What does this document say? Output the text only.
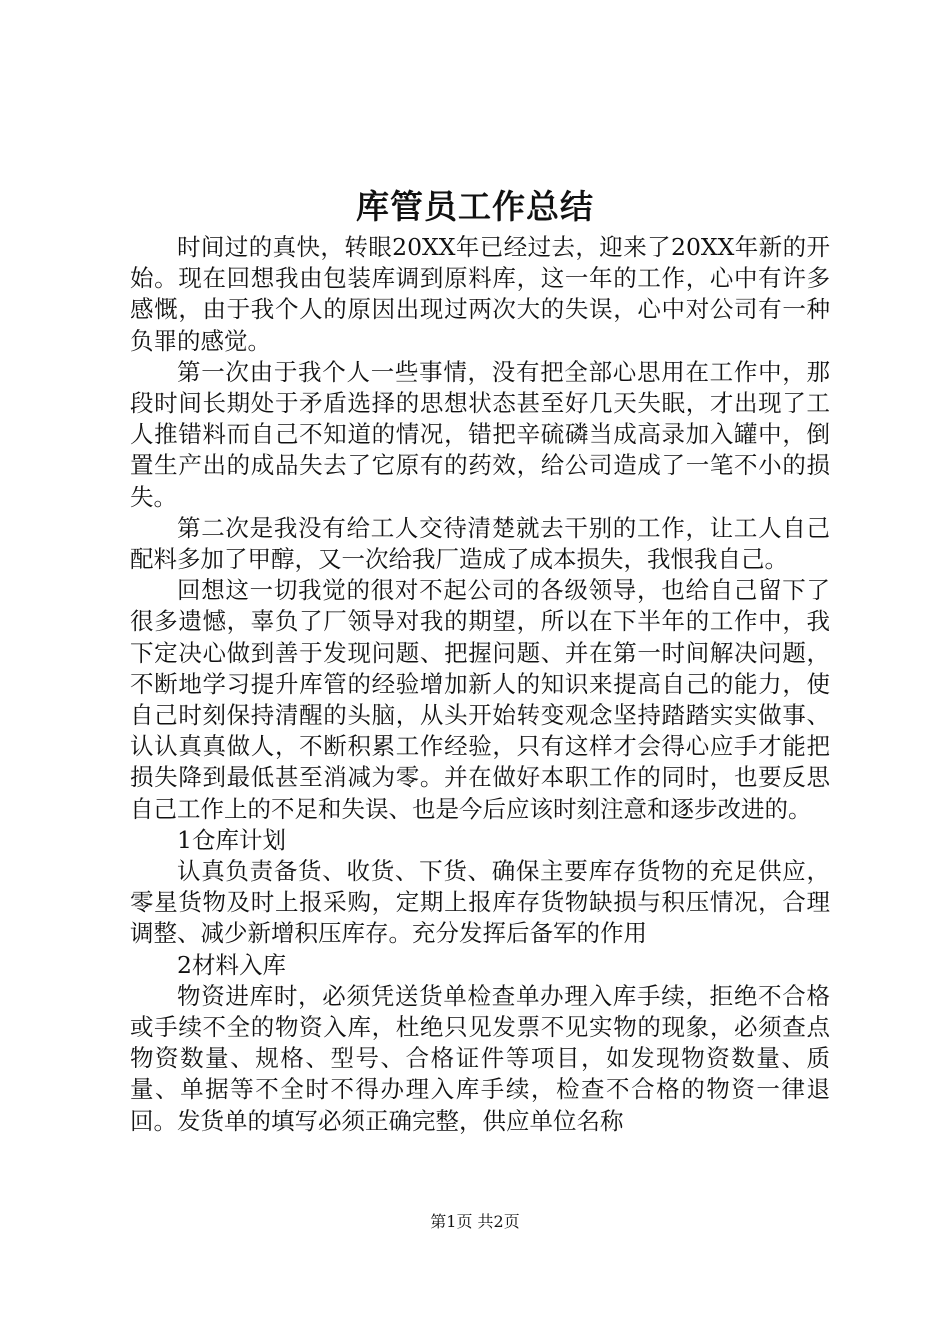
库管员工作总结

时间过的真快，转眼20XX年已经过去，迎来了20XX年新的开始。现在回想我由包装库调到原料库，这一年的工作，心中有许多感慨，由于我个人的原因出现过两次大的失误，心中对公司有一种负罪的感觉。

第一次由于我个人一些事情，没有把全部心思用在工作中，那段时间长期处于矛盾选择的思想状态甚至好几天失眠，才出现了工人推错料而自己不知道的情况，错把辛硫磷当成高录加入罐中，倒置生产出的成品失去了它原有的药效，给公司造成了一笔不小的损失。

第二次是我没有给工人交待清楚就去干别的工作，让工人自己配料多加了甲醇，又一次给我厂造成了成本损失，我恨我自己。

回想这一切我觉的很对不起公司的各级领导，也给自己留下了很多遗憾，辜负了厂领导对我的期望，所以在下半年的工作中，我下定决心做到善于发现问题、把握问题、并在第一时间解决问题，不断地学习提升库管的经验增加新人的知识来提高自己的能力，使自己时刻保持清醒的头脑，从头开始转变观念坚持踏踏实实做事、认认真真做人，不断积累工作经验，只有这样才会得心应手才能把损失降到最低甚至消减为零。并在做好本职工作的同时，也要反思自己工作上的不足和失误、也是今后应该时刻注意和逐步改进的。

1仓库计划

认真负责备货、收货、下货、确保主要库存货物的充足供应，零星货物及时上报采购，定期上报库存货物缺损与积压情况，合理调整、减少新增积压库存。充分发挥后备军的作用

2材料入库

物资进库时，必须凭送货单检查单办理入库手续，拒绝不合格或手续不全的物资入库，杜绝只见发票不见实物的现象，必须查点物资数量、规格、型号、合格证件等项目，如发现物资数量、质量、单据等不全时不得办理入库手续，检查不合格的物资一律退回。发货单的填写必须正确完整，供应单位名称

第1页 共2页
